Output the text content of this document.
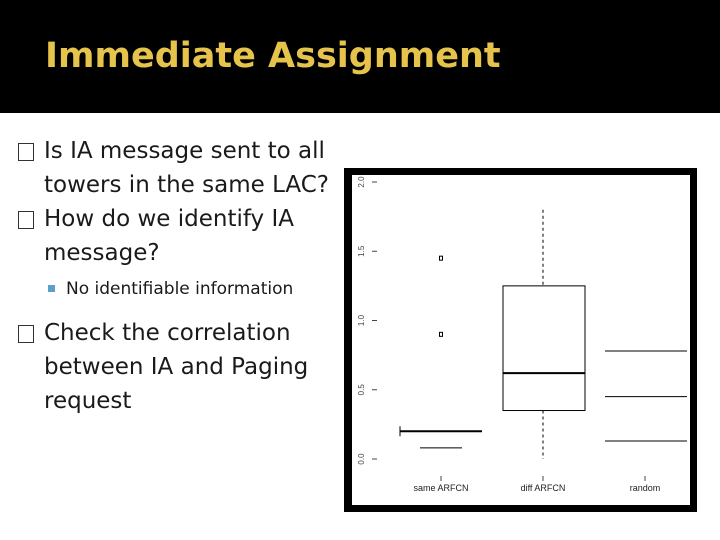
Immediate Assignment
Is IA message sent to all towers in the same LAC?
How do we identify IA message?
No identifiable information
Check the correlation between IA and Paging request
0.0
0.5
1.0
1.5
2.0
same ARFCN	diff ARFCN	random
